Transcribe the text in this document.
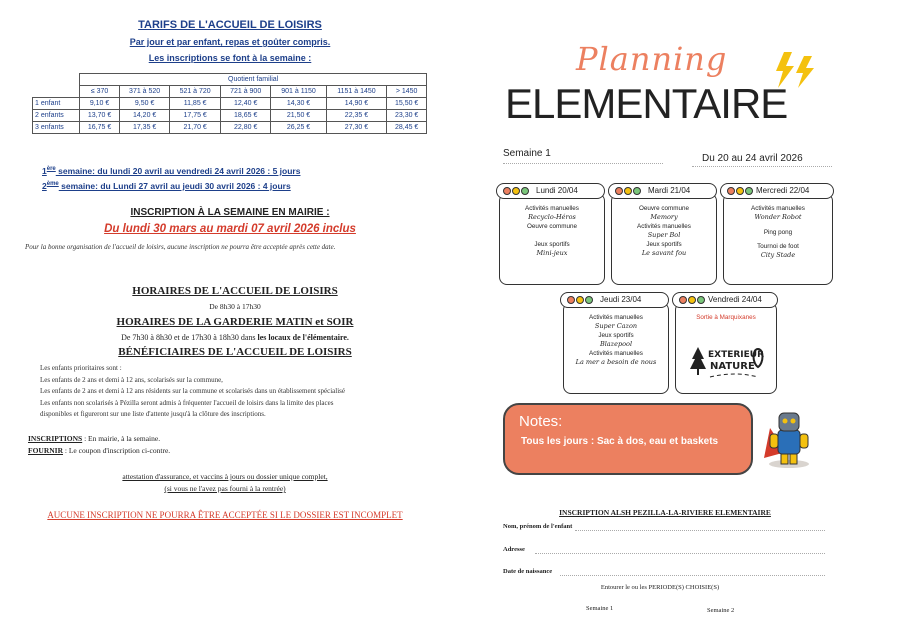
TARIFS DE L'ACCUEIL DE LOISIRS
Par jour et par enfant, repas et goûter compris.
Les inscriptions se font à la semaine :
	Quotient familial						
	≤ 370	371 à 520	521 à 720	721 à 900	901 à 1150	1151 à 1450	> 1450
1 enfant	9,10 €	9,50 €	11,85 €	12,40 €	14,30 €	14,90 €	15,50 €
2 enfants	13,70 €	14,20 €	17,75 €	18,65 €	21,50 €	22,35 €	23,30 €
3 enfants	16,75 €	17,35 €	21,70 €	22,80 €	26,25 €	27,30 €	28,45 €
1ère semaine: du lundi 20 avril au vendredi 24 avril 2026 : 5 jours
2ème semaine: du Lundi 27 avril au jeudi 30 avril 2026 : 4 jours
INSCRIPTION À LA SEMAINE EN MAIRIE :
Du lundi 30 mars au mardi 07 avril 2026 inclus
Pour la bonne organisation de l'accueil de loisirs, aucune inscription ne pourra être acceptée après cette date.
HORAIRES DE L'ACCUEIL DE LOISIRS
De 8h30 à 17h30
HORAIRES DE LA GARDERIE MATIN et SOIR
De 7h30 à 8h30 et de 17h30 à 18h30 dans les locaux de l'élémentaire.
BÉNÉFICIAIRES DE L'ACCUEIL DE LOISIRS
Les enfants prioritaires sont :
Les enfants de 2 ans et demi à 12 ans, scolarisés sur la commune,
Les enfants de 2 ans et demi à 12 ans résidents sur la commune et scolarisés dans un établissement spécialisé
Les enfants non scolarisés à Pézilla seront admis à fréquenter l'accueil de loisirs dans la limite des places
disponibles et figureront sur une liste d'attente jusqu'à la clôture des inscriptions.
INSCRIPTIONS : En mairie, à la semaine.
FOURNIR : Le coupon d'inscription ci-contre.
attestation d'assurance, et vaccins à jours ou dossier unique complet,
(si vous ne l'avez pas fourni à la rentrée)
AUCUNE INSCRIPTION NE POURRA ÊTRE ACCEPTÉE SI LE DOSSIER EST INCOMPLET
Planning
ELEMENTAIRE
Semaine 1	Du 20 au 24 avril 2026
Lundi 20/04
Activités manuelles
Recyclo-Héros
Oeuvre commune
Jeux sportifs
Mini-jeux
Mardi 21/04
Oeuvre commune
Memory
Activités manuelles
Super Bol
Jeux sportifs
Le savant fou
Mercredi 22/04
Activités manuelles
Wonder Robot
Ping pong
Tournoi de foot
City Stade
Jeudi 23/04
Activités manuelles
Super Cazon
Jeux sportifs
Blazepool
Activités manuelles
La mer a besoin de nous
Vendredi 24/04
Sortie à Marquixanes
EXTERIEUR
NATURE
Notes:
Tous les jours : Sac à dos, eau et baskets
INSCRIPTION ALSH PEZILLA-LA-RIVIERE ELEMENTAIRE
Nom, prénom de l'enfant
Adresse
Date de naissance
Entourer le ou les PERIODE(S) CHOISIE(S)
Semaine 1	Semaine 2
